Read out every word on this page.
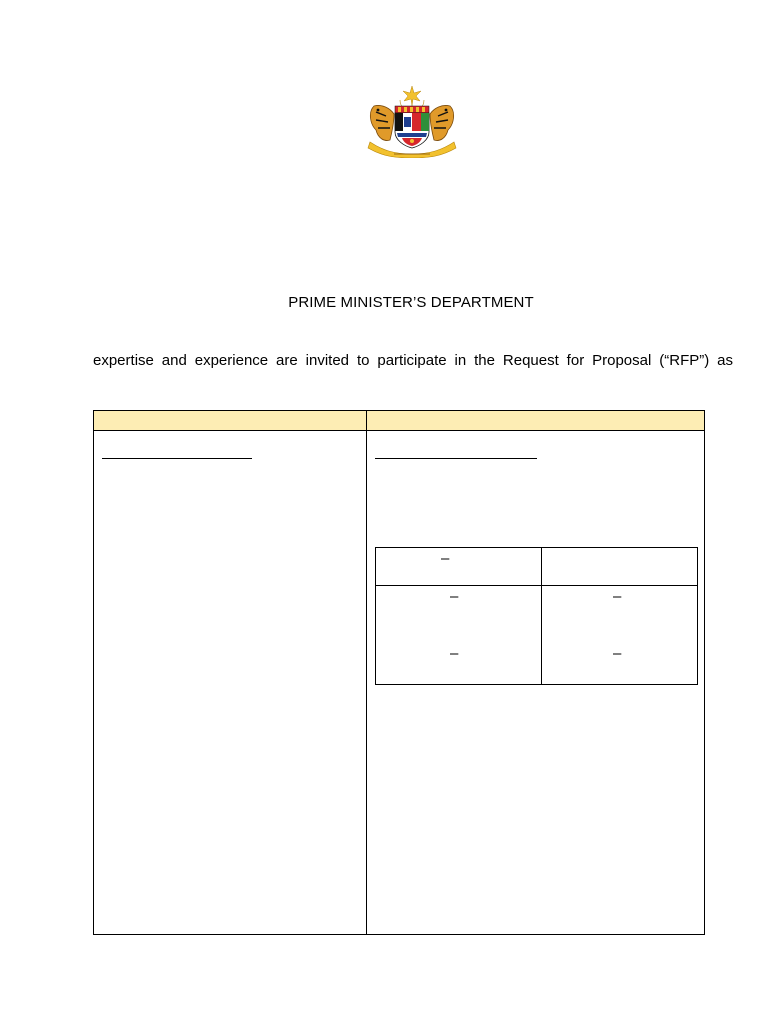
PRIME MINISTER’S DEPARTMENT
expertise and experience are invited to participate in the Request for Proposal (“RFP”) as
–
–
–
–
–
